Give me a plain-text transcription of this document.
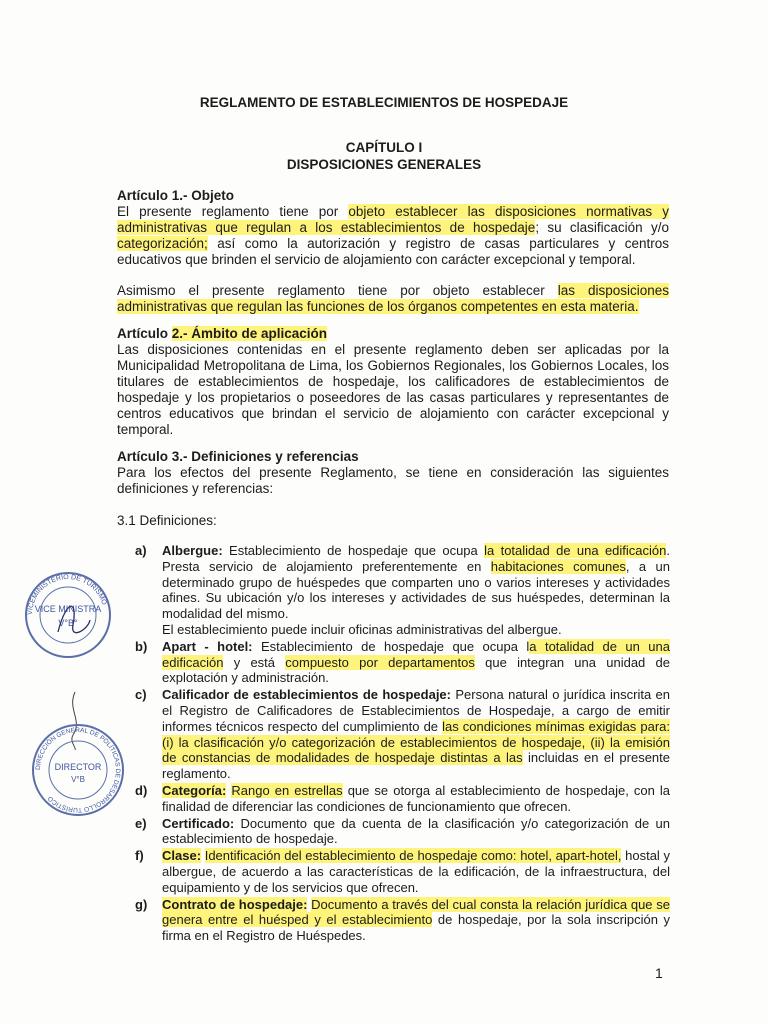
REGLAMENTO DE ESTABLECIMIENTOS DE HOSPEDAJE
CAPÍTULO I
DISPOSICIONES GENERALES
Artículo 1.- Objeto

El presente reglamento tiene por objeto establecer las disposiciones normativas y administrativas que regulan a los establecimientos de hospedaje; su clasificación y/o categorización; así como la autorización y registro de casas particulares y centros educativos que brinden el servicio de alojamiento con carácter excepcional y temporal.

Asimismo el presente reglamento tiene por objeto establecer las disposiciones administrativas que regulan las funciones de los órganos competentes en esta materia.

Artículo 2.- Ámbito de aplicación

Las disposiciones contenidas en el presente reglamento deben ser aplicadas por la Municipalidad Metropolitana de Lima, los Gobiernos Regionales, los Gobiernos Locales, los titulares de establecimientos de hospedaje, los calificadores de establecimientos de hospedaje y los propietarios o poseedores de las casas particulares y representantes de centros educativos que brindan el servicio de alojamiento con carácter excepcional y temporal.

Artículo 3.- Definiciones y referencias

Para los efectos del presente Reglamento, se tiene en consideración las siguientes definiciones y referencias:

3.1 Definiciones:
a)	Albergue: Establecimiento de hospedaje que ocupa la totalidad de una edificación. Presta servicio de alojamiento preferentemente en habitaciones comunes, a un determinado grupo de huéspedes que comparten uno o varios intereses y actividades afines. Su ubicación y/o los intereses y actividades de sus huéspedes, determinan la modalidad del mismo.
El establecimiento puede incluir oficinas administrativas del albergue.
b)	Apart - hotel: Establecimiento de hospedaje que ocupa la totalidad de un una edificación y está compuesto por departamentos que integran una unidad de explotación y administración.
c)	Calificador de establecimientos de hospedaje: Persona natural o jurídica inscrita en el Registro de Calificadores de Establecimientos de Hospedaje, a cargo de emitir informes técnicos respecto del cumplimiento de las condiciones mínimas exigidas para: (i) la clasificación y/o categorización de establecimientos de hospedaje, (ii) la emisión de constancias de modalidades de hospedaje distintas a las incluidas en el presente reglamento.
d)	Categoría: Rango en estrellas que se otorga al establecimiento de hospedaje, con la finalidad de diferenciar las condiciones de funcionamiento que ofrecen.
e)	Certificado: Documento que da cuenta de la clasificación y/o categorización de un establecimiento de hospedaje.
f)	Clase: Identificación del establecimiento de hospedaje como: hotel, apart-hotel, hostal y albergue, de acuerdo a las características de la edificación, de la infraestructura, del equipamiento y de los servicios que ofrecen.
g)	Contrato de hospedaje: Documento a través del cual consta la relación jurídica que se genera entre el huésped y el establecimiento de hospedaje, por la sola inscripción y firma en el Registro de Huéspedes.
1
VICEMINISTERIO DE TURISMO
VICE MINISTRA
V°B°
DIRECCIÓN GENERAL DE POLÍTICAS DE DESARROLLO TURÍSTICO
DIRECTOR
V°B
